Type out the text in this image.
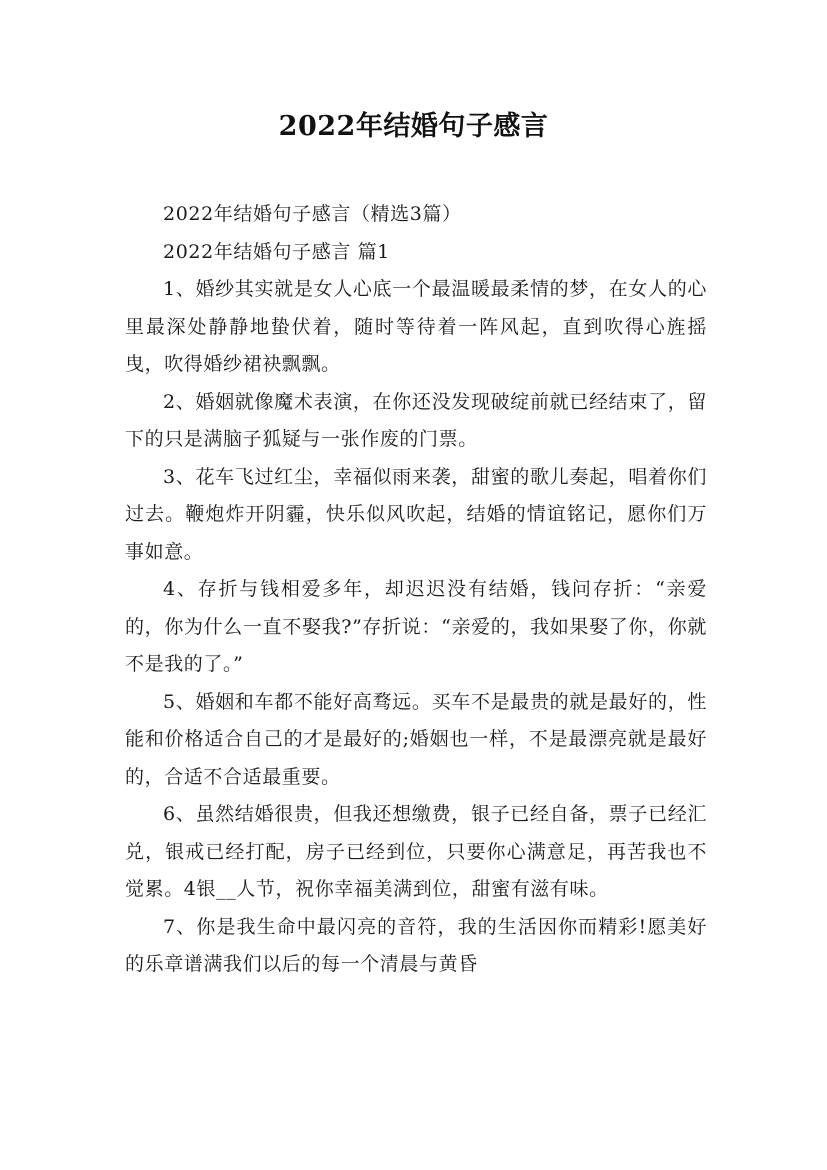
2022年结婚句子感言

2022年结婚句子感言（精选3篇）

2022年结婚句子感言 篇1

1、婚纱其实就是女人心底一个最温暖最柔情的梦，在女人的心里最深处静静地蛰伏着，随时等待着一阵风起，直到吹得心旌摇曳，吹得婚纱裙袂飘飘。

2、婚姻就像魔术表演，在你还没发现破绽前就已经结束了，留下的只是满脑子狐疑与一张作废的门票。

3、花车飞过红尘，幸福似雨来袭，甜蜜的歌儿奏起，唱着你们过去。鞭炮炸开阴霾，快乐似风吹起，结婚的情谊铭记，愿你们万事如意。

4、存折与钱相爱多年，却迟迟没有结婚，钱问存折：“亲爱的，你为什么一直不娶我?”存折说：“亲爱的，我如果娶了你，你就不是我的了。”

5、婚姻和车都不能好高骛远。买车不是最贵的就是最好的，性能和价格适合自己的才是最好的;婚姻也一样，不是最漂亮就是最好的，合适不合适最重要。

6、虽然结婚很贵，但我还想缴费，银子已经自备，票子已经汇兑，银戒已经打配，房子已经到位，只要你心满意足，再苦我也不觉累。4银__人节，祝你幸福美满到位，甜蜜有滋有味。

7、你是我生命中最闪亮的音符，我的生活因你而精彩!愿美好的乐章谱满我们以后的每一个清晨与黄昏
